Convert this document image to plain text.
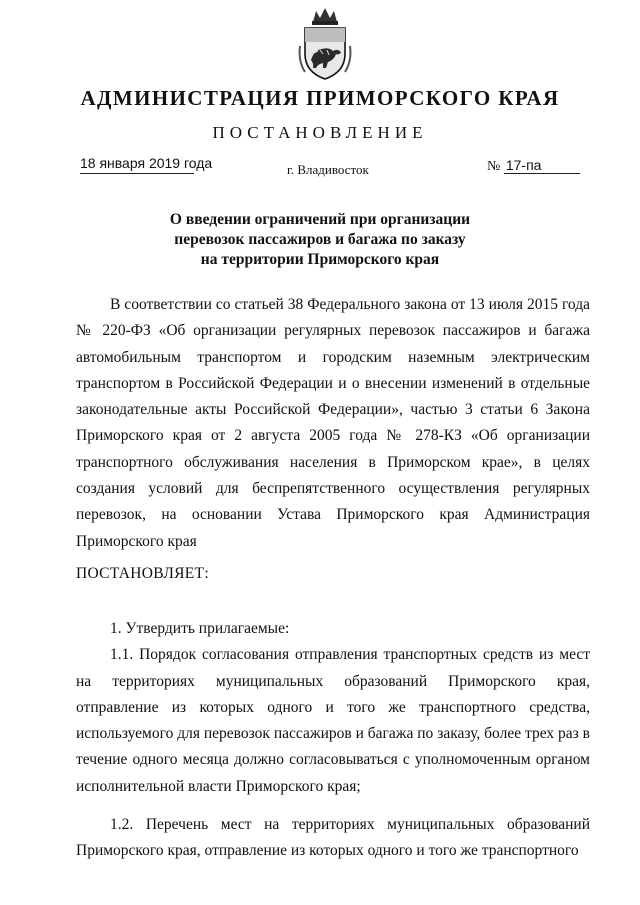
АДМИНИСТРАЦИЯ ПРИМОРСКОГО КРАЯ
ПОСТАНОВЛЕНИЕ
18 января 2019 года	г. Владивосток	№ 17-па
О введении ограничений при организации
перевозок пассажиров и багажа по заказу
на территории Приморского края

В соответствии со статьей 38 Федерального закона от 13 июля 2015 года № 220-ФЗ «Об организации регулярных перевозок пассажиров и багажа автомобильным транспортом и городским наземным электрическим транспортом в Российской Федерации и о внесении изменений в отдельные законодательные акты Российской Федерации», частью 3 статьи 6 Закона Приморского края от 2 августа 2005 года № 278-КЗ «Об организации транспортного обслуживания населения в Приморском крае», в целях создания условий для беспрепятственного осуществления регулярных перевозок, на основании Устава Приморского края Администрация Приморского края

ПОСТАНОВЛЯЕТ:

1. Утвердить прилагаемые:

1.1. Порядок согласования отправления транспортных средств из мест на территориях муниципальных образований Приморского края, отправление из которых одного и того же транспортного средства, используемого для перевозок пассажиров и багажа по заказу, более трех раз в течение одного месяца должно согласовываться с уполномоченным органом исполнительной власти Приморского края;

1.2. Перечень мест на территориях муниципальных образований Приморского края, отправление из которых одного и того же транспортного
